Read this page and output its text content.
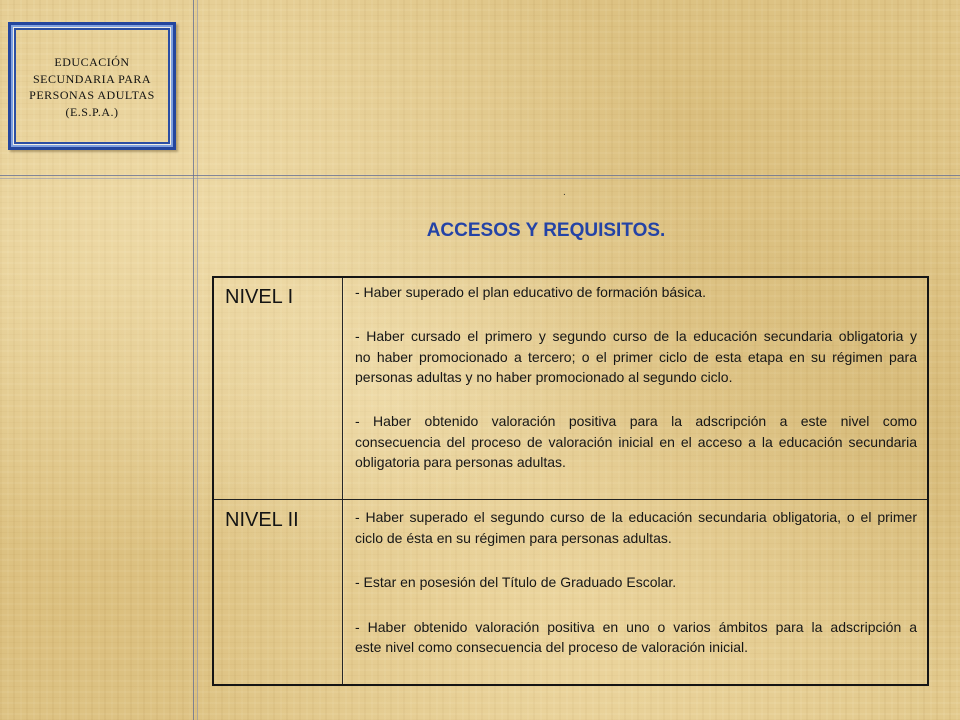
EDUCACIÓN
SECUNDARIA PARA
PERSONAS ADULTAS
(E.S.P.A.)
.
ACCESOS Y REQUISITOS.
NIVEL I	- Haber superado el plan educativo de formación básica.
- Haber cursado el primero y segundo curso de la educación secundaria obligatoria y
no haber promocionado a tercero; o el primer ciclo de esta etapa en su régimen para
personas adultas y no haber promocionado al segundo ciclo.
- Haber obtenido valoración positiva para la adscripción a este nivel como
consecuencia del proceso de valoración inicial en el acceso a la educación secundaria
obligatoria para personas adultas.
NIVEL II	- Haber superado el segundo curso de la educación secundaria obligatoria, o el primer
ciclo de ésta en su régimen para personas adultas.
- Estar en posesión del Título de Graduado Escolar.
- Haber obtenido valoración positiva en uno o varios ámbitos para la adscripción a
este nivel como consecuencia del proceso de valoración inicial.
